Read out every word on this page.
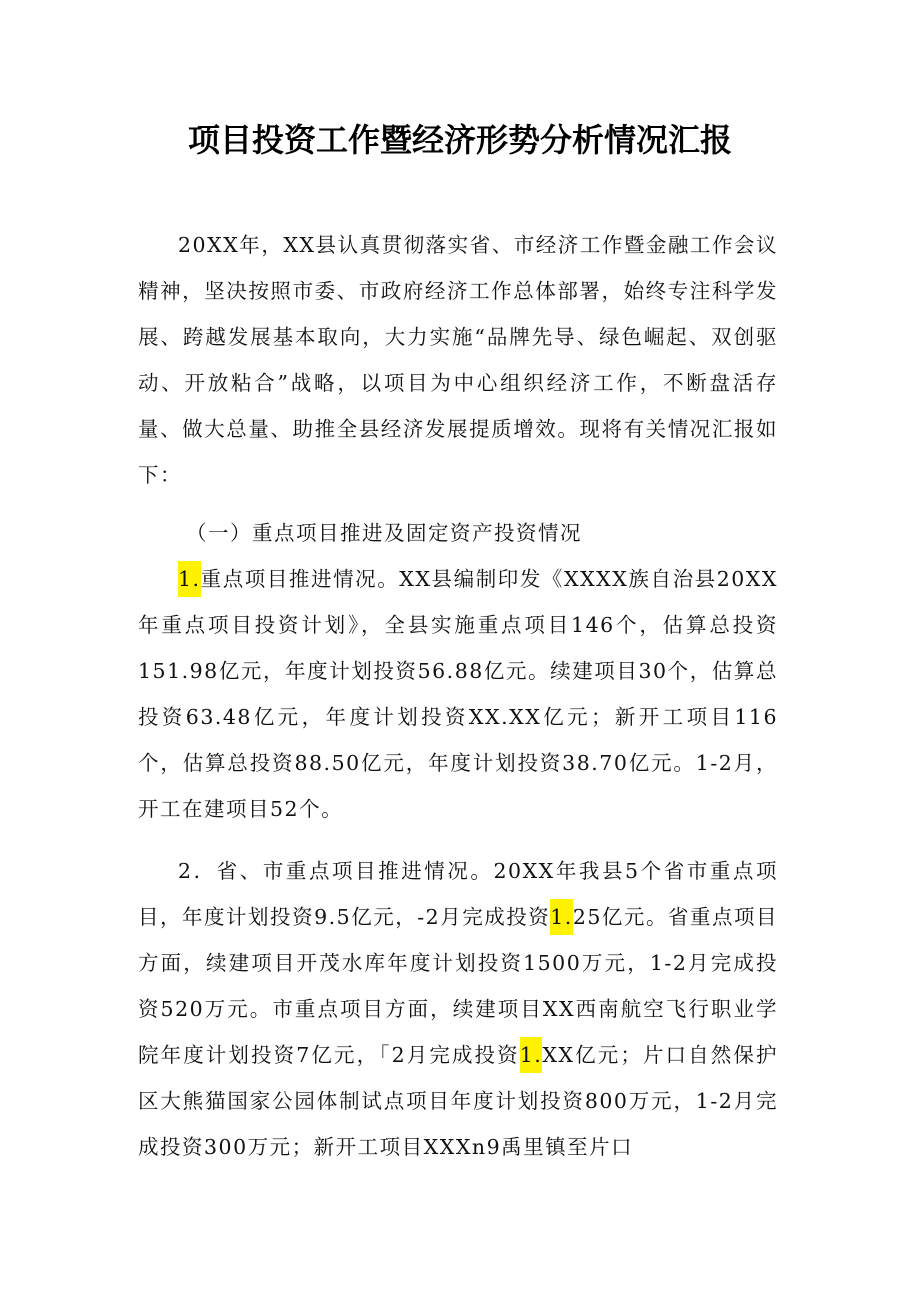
项目投资工作暨经济形势分析情况汇报

20XX年，XX县认真贯彻落实省、市经济工作暨金融工作会议精神，坚决按照市委、市政府经济工作总体部署，始终专注科学发展、跨越发展基本取向，大力实施“品牌先导、绿色崛起、双创驱动、开放粘合”战略，以项目为中心组织经济工作，不断盘活存量、做大总量、助推全县经济发展提质增效。现将有关情况汇报如下：

（一）重点项目推进及固定资产投资情况

1.重点项目推进情况。XX县编制印发《XXXX族自治县20XX年重点项目投资计划》，全县实施重点项目146个，估算总投资151.98亿元，年度计划投资56.88亿元。续建项目30个，估算总投资63.48亿元，年度计划投资XX.XX亿元；新开工项目116个，估算总投资88.50亿元，年度计划投资38.70亿元。1-2月，开工在建项目52个。

2．省、市重点项目推进情况。20XX年我县5个省市重点项目，年度计划投资9.5亿元，-2月完成投资1.25亿元。省重点项目方面，续建项目开茂水库年度计划投资1500万元，1-2月完成投资520万元。市重点项目方面，续建项目XX西南航空飞行职业学院年度计划投资7亿元，「2月完成投资1.XX亿元；片口自然保护区大熊猫国家公园体制试点项目年度计划投资800万元，1-2月完成投资300万元；新开工项目XXXn9禹里镇至片口
